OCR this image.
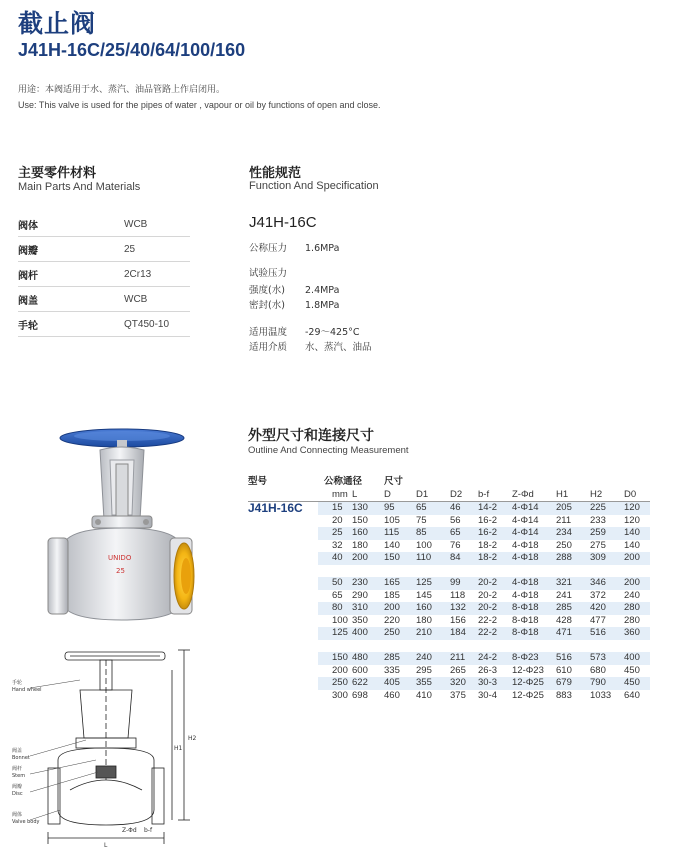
截止阀
J41H-16C/25/40/64/100/160
用途：本阀适用于水、蒸汽、油品管路上作启闭用。
Use: This valve is used for the pipes of water , vapour or oil by functions of open and close.
主要零件材料
Main Parts And Materials
阀体	WCB
阀瓣	25
阀杆	2Cr13
阀盖	WCB
手轮	QT450-10
性能规范
Function And Specification
J41H-16C
公称压力 1.6MPa
试验压力
强度(水) 2.4MPa
密封(水) 1.8MPa
适用温度 -29～425°C
适用介质 水、蒸汽、油品
外型尺寸和连接尺寸
Outline And Connecting Measurement
型号	公称通径		尺寸							
	mm	L	D	D1	D2	b-f	Z-Φd	H1	H2	D0
J41H-16C	15	130	95	65	46	14-2	4-Φ14	205	225	120
	20	150	105	75	56	16-2	4-Φ14	211	233	120
	25	160	115	85	65	16-2	4-Φ14	234	259	140
	32	180	140	100	76	18-2	4-Φ18	250	275	140
	40	200	150	110	84	18-2	4-Φ18	288	309	200

	50	230	165	125	99	20-2	4-Φ18	321	346	200
	65	290	185	145	118	20-2	4-Φ18	241	372	240
	80	310	200	160	132	20-2	8-Φ18	285	420	280
	100	350	220	180	156	22-2	8-Φ18	428	477	280
	125	400	250	210	184	22-2	8-Φ18	471	516	360

	150	480	285	240	211	24-2	8-Φ23	516	573	400
	200	600	335	295	265	26-3	12-Φ23	610	680	450
	250	622	405	355	320	30-3	12-Φ25	679	790	450
	300	698	460	410	375	30-4	12-Φ25	883	1033	640
UNIDO
25
手轮
Hand wheel
阀盖
Bonnet
阀杆
Stem
阀瓣
Disc
阀体
Valve body
H2
H1
L
Z-Φd b-f
